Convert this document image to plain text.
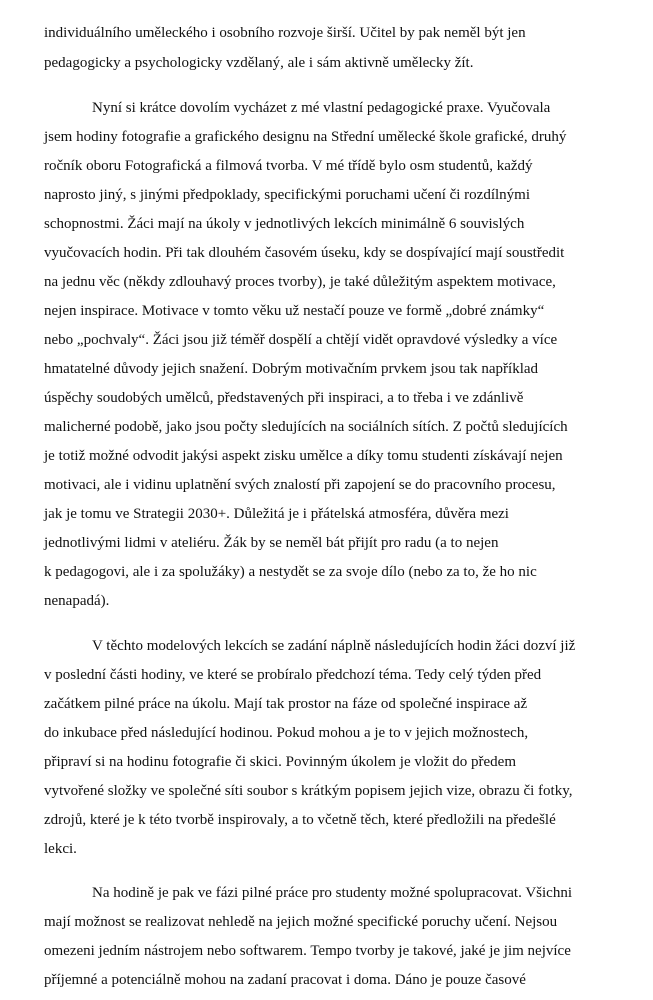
individuálního uměleckého i osobního rozvoje širší. Učitel by pak neměl být jen
pedagogicky a psychologicky vzdělaný, ale i sám aktivně umělecky žít.
Nyní si krátce dovolím vycházet z mé vlastní pedagogické praxe. Vyučovala
jsem hodiny fotografie a grafického designu na Střední umělecké škole grafické, druhý
ročník oboru Fotografická a filmová tvorba. V mé třídě bylo osm studentů, každý
naprosto jiný, s jinými předpoklady, specifickými poruchami učení či rozdílnými
schopnostmi. Žáci mají na úkoly v jednotlivých lekcích minimálně 6 souvislých
vyučovacích hodin. Při tak dlouhém časovém úseku, kdy se dospívající mají soustředit
na jednu věc (někdy zdlouhavý proces tvorby), je také důležitým aspektem motivace,
nejen inspirace. Motivace v tomto věku už nestačí pouze ve formě „dobré známky“
nebo „pochvaly“. Žáci jsou již téměř dospělí a chtějí vidět opravdové výsledky a více
hmatatelné důvody jejich snažení. Dobrým motivačním prvkem jsou tak například
úspěchy soudobých umělců, představených při inspiraci, a to třeba i ve zdánlivě
malicherné podobě, jako jsou počty sledujících na sociálních sítích. Z počtů sledujících
je totiž možné odvodit jakýsi aspekt zisku umělce a díky tomu studenti získávají nejen
motivaci, ale i vidinu uplatnění svých znalostí při zapojení se do pracovního procesu,
jak je tomu ve Strategii 2030+. Důležitá je i přátelská atmosféra, důvěra mezi
jednotlivými lidmi v ateliéru. Žák by se neměl bát přijít pro radu (a to nejen
k pedagogovi, ale i za spolužáky) a nestydět se za svoje dílo (nebo za to, že ho nic
nenapadá).
V těchto modelových lekcích se zadání náplně následujících hodin žáci dozví již
v poslední části hodiny, ve které se probíralo předchozí téma. Tedy celý týden před
začátkem pilné práce na úkolu. Mají tak prostor na fáze od společné inspirace až
do inkubace před následující hodinou. Pokud mohou a je to v jejich možnostech,
připraví si na hodinu fotografie či skici. Povinným úkolem je vložit do předem
vytvořené složky ve společné síti soubor s krátkým popisem jejich vize, obrazu či fotky,
zdrojů, které je k této tvorbě inspirovaly, a to včetně těch, které předložili na předešlé
lekci.
Na hodině je pak ve fázi pilné práce pro studenty možné spolupracovat. Všichni
mají možnost se realizovat nehledě na jejich možné specifické poruchy učení. Nejsou
omezeni jedním nástrojem nebo softwarem. Tempo tvorby je takové, jaké je jim nejvíce
příjemné a potenciálně mohou na zadaní pracovat i doma. Dáno je pouze časové
